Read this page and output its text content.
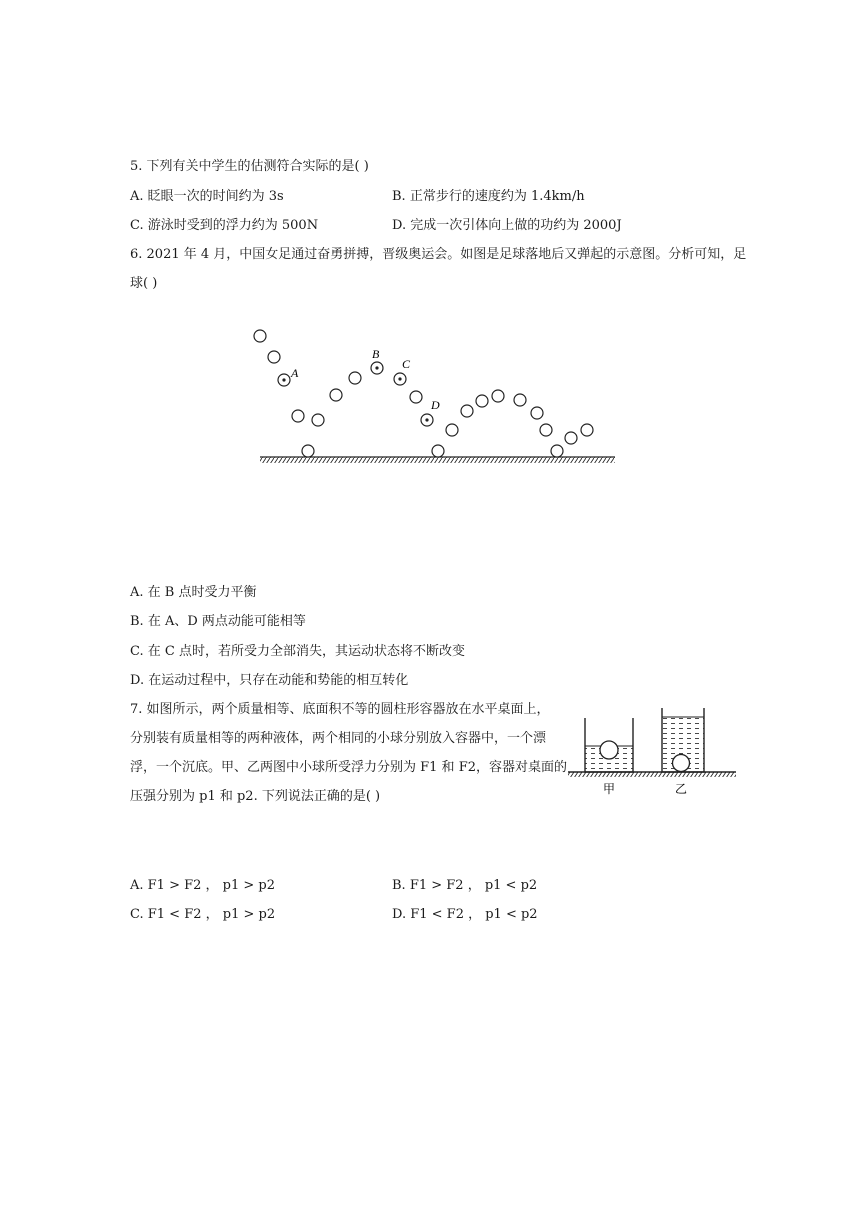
5. 下列有关中学生的估测符合实际的是( )
A. 眨眼一次的时间约为 3s	B. 正常步行的速度约为 1.4km/h
C. 游泳时受到的浮力约为 500N	D. 完成一次引体向上做的功约为 2000J
6. 2021 年 4 月，中国女足通过奋勇拼搏，晋级奥运会。如图是足球落地后又弹起的示意图。分析可知，足
球( )
A
B
C
D
A. 在 B 点时受力平衡
B. 在 A、D 两点动能可能相等
C. 在 C 点时，若所受力全部消失，其运动状态将不断改变
D. 在运动过程中，只存在动能和势能的相互转化
7. 如图所示，两个质量相等、底面积不等的圆柱形容器放在水平桌面上，
分别装有质量相等的两种液体，两个相同的小球分别放入容器中，一个漂
浮，一个沉底。甲、乙两图中小球所受浮力分别为 F1 和 F2，容器对桌面的
压强分别为 p1 和 p2. 下列说法正确的是( )	甲	乙
A. F1 > F2 ， p1 > p2	B. F1 > F2 ， p1 < p2
C. F1 < F2 ， p1 > p2	D. F1 < F2 ， p1 < p2
